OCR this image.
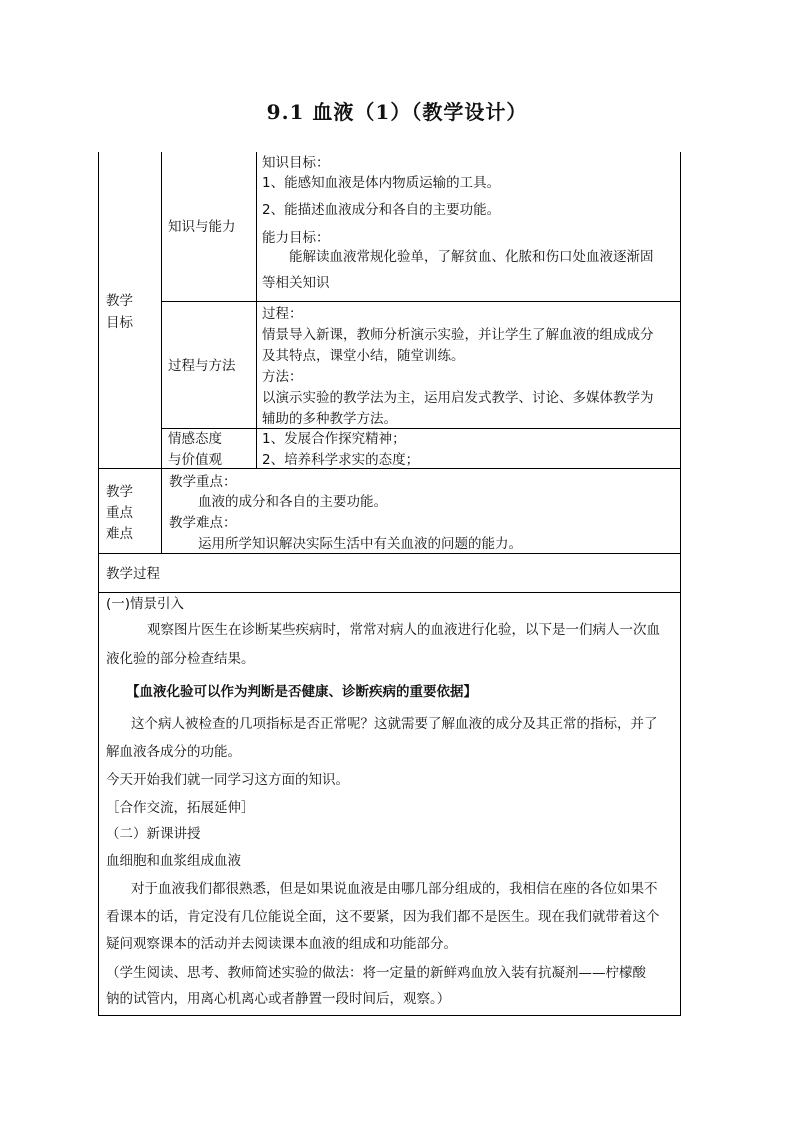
9.1 血液（1）（教学设计）
教学
目标
知识与能力
知识目标：
1、能感知血液是体内物质运输的工具。
2、能描述血液成分和各自的主要功能。
能力目标：
能解读血液常规化验单，了解贫血、化脓和伤口处血液逐渐固
等相关知识
过程与方法
过程：
情景导入新课，教师分析演示实验，并让学生了解血液的组成成分
及其特点，课堂小结，随堂训练。
方法：
以演示实验的教学法为主，运用启发式教学、讨论、多媒体教学为
辅助的多种教学方法。
情感态度
与价值观
1、发展合作探究精神；
2、培养科学求实的态度；
教学
重点
难点
教学重点：
血液的成分和各自的主要功能。
教学难点：
运用所学知识解决实际生活中有关血液的问题的能力。
教学过程
(一)情景引入
观察图片医生在诊断某些疾病时，常常对病人的血液进行化验，以下是一们病人一次血
液化验的部分检查结果。
【血液化验可以作为判断是否健康、诊断疾病的重要依据】
这个病人被检查的几项指标是否正常呢？这就需要了解血液的成分及其正常的指标，并了
解血液各成分的功能。
今天开始我们就一同学习这方面的知识。
［合作交流，拓展延伸］
（二）新课讲授
血细胞和血浆组成血液
对于血液我们都很熟悉，但是如果说血液是由哪几部分组成的，我相信在座的各位如果不
看课本的话，肯定没有几位能说全面，这不要紧，因为我们都不是医生。现在我们就带着这个
疑问观察课本的活动并去阅读课本血液的组成和功能部分。
（学生阅读、思考、教师简述实验的做法：将一定量的新鲜鸡血放入装有抗凝剂——柠檬酸
钠的试管内，用离心机离心或者静置一段时间后，观察。）
